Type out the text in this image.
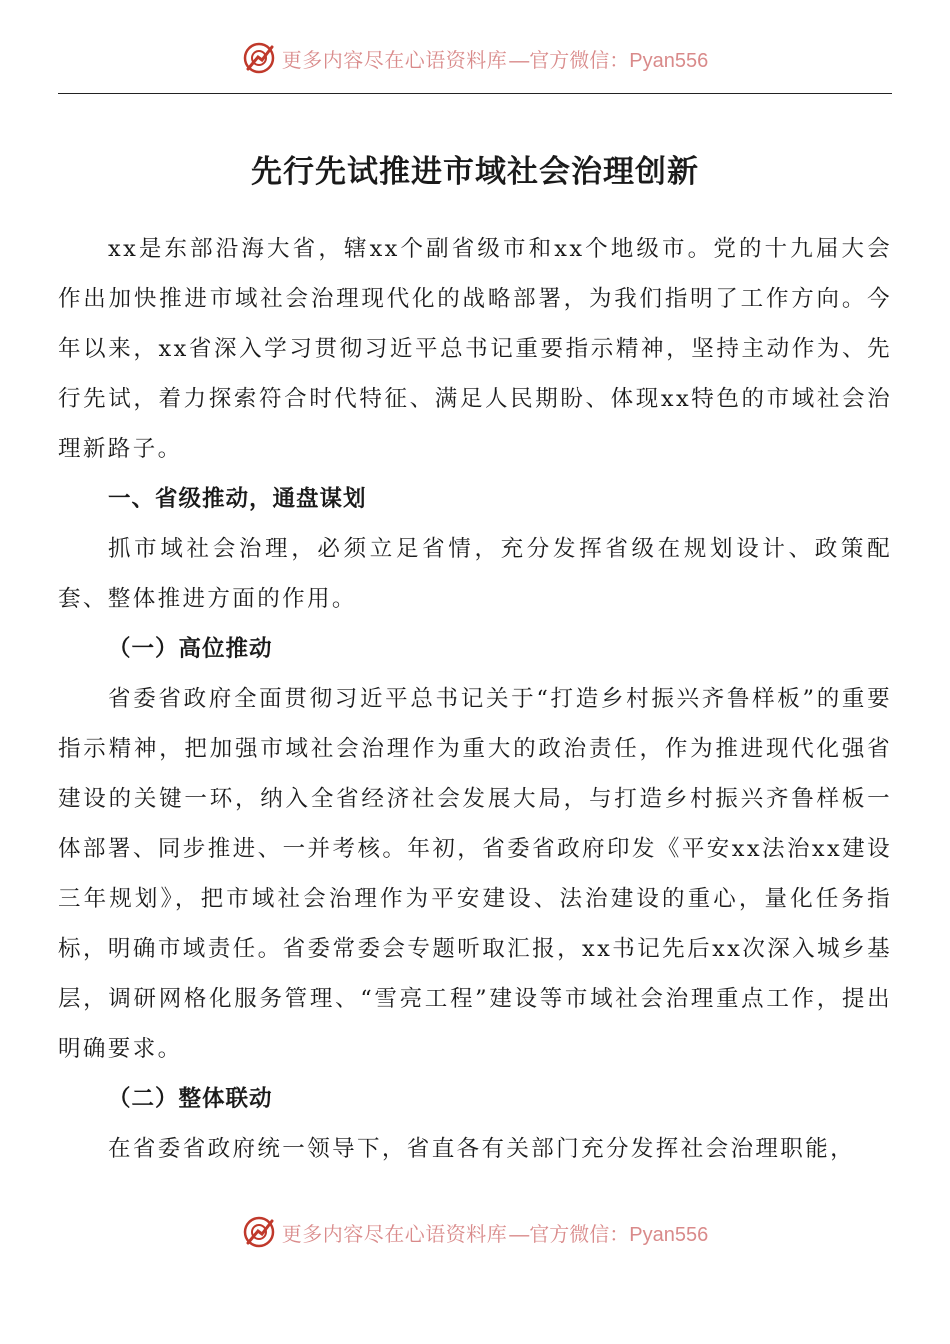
更多内容尽在心语资料库 —官方微信：Pyan556
先行先试推进市域社会治理创新

xx是东部沿海大省，辖xx个副省级市和xx个地级市。党的十九届大会作出加快推进市域社会治理现代化的战略部署，为我们指明了工作方向。今年以来，xx省深入学习贯彻习近平总书记重要指示精神，坚持主动作为、先行先试，着力探索符合时代特征、满足人民期盼、体现xx特色的市域社会治理新路子。

一、省级推动，通盘谋划

抓市域社会治理，必须立足省情，充分发挥省级在规划设计、政策配套、整体推进方面的作用。

（一）高位推动

省委省政府全面贯彻习近平总书记关于“打造乡村振兴齐鲁样板”的重要指示精神，把加强市域社会治理作为重大的政治责任，作为推进现代化强省建设的关键一环，纳入全省经济社会发展大局，与打造乡村振兴齐鲁样板一体部署、同步推进、一并考核。年初，省委省政府印发《平安xx法治xx建设三年规划》，把市域社会治理作为平安建设、法治建设的重心，量化任务指标，明确市域责任。省委常委会专题听取汇报，xx书记先后xx次深入城乡基层，调研网格化服务管理、“雪亮工程”建设等市域社会治理重点工作，提出明确要求。

（二）整体联动

在省委省政府统一领导下，省直各有关部门充分发挥社会治理职能，

更多内容尽在心语资料库 —官方微信：Pyan556
